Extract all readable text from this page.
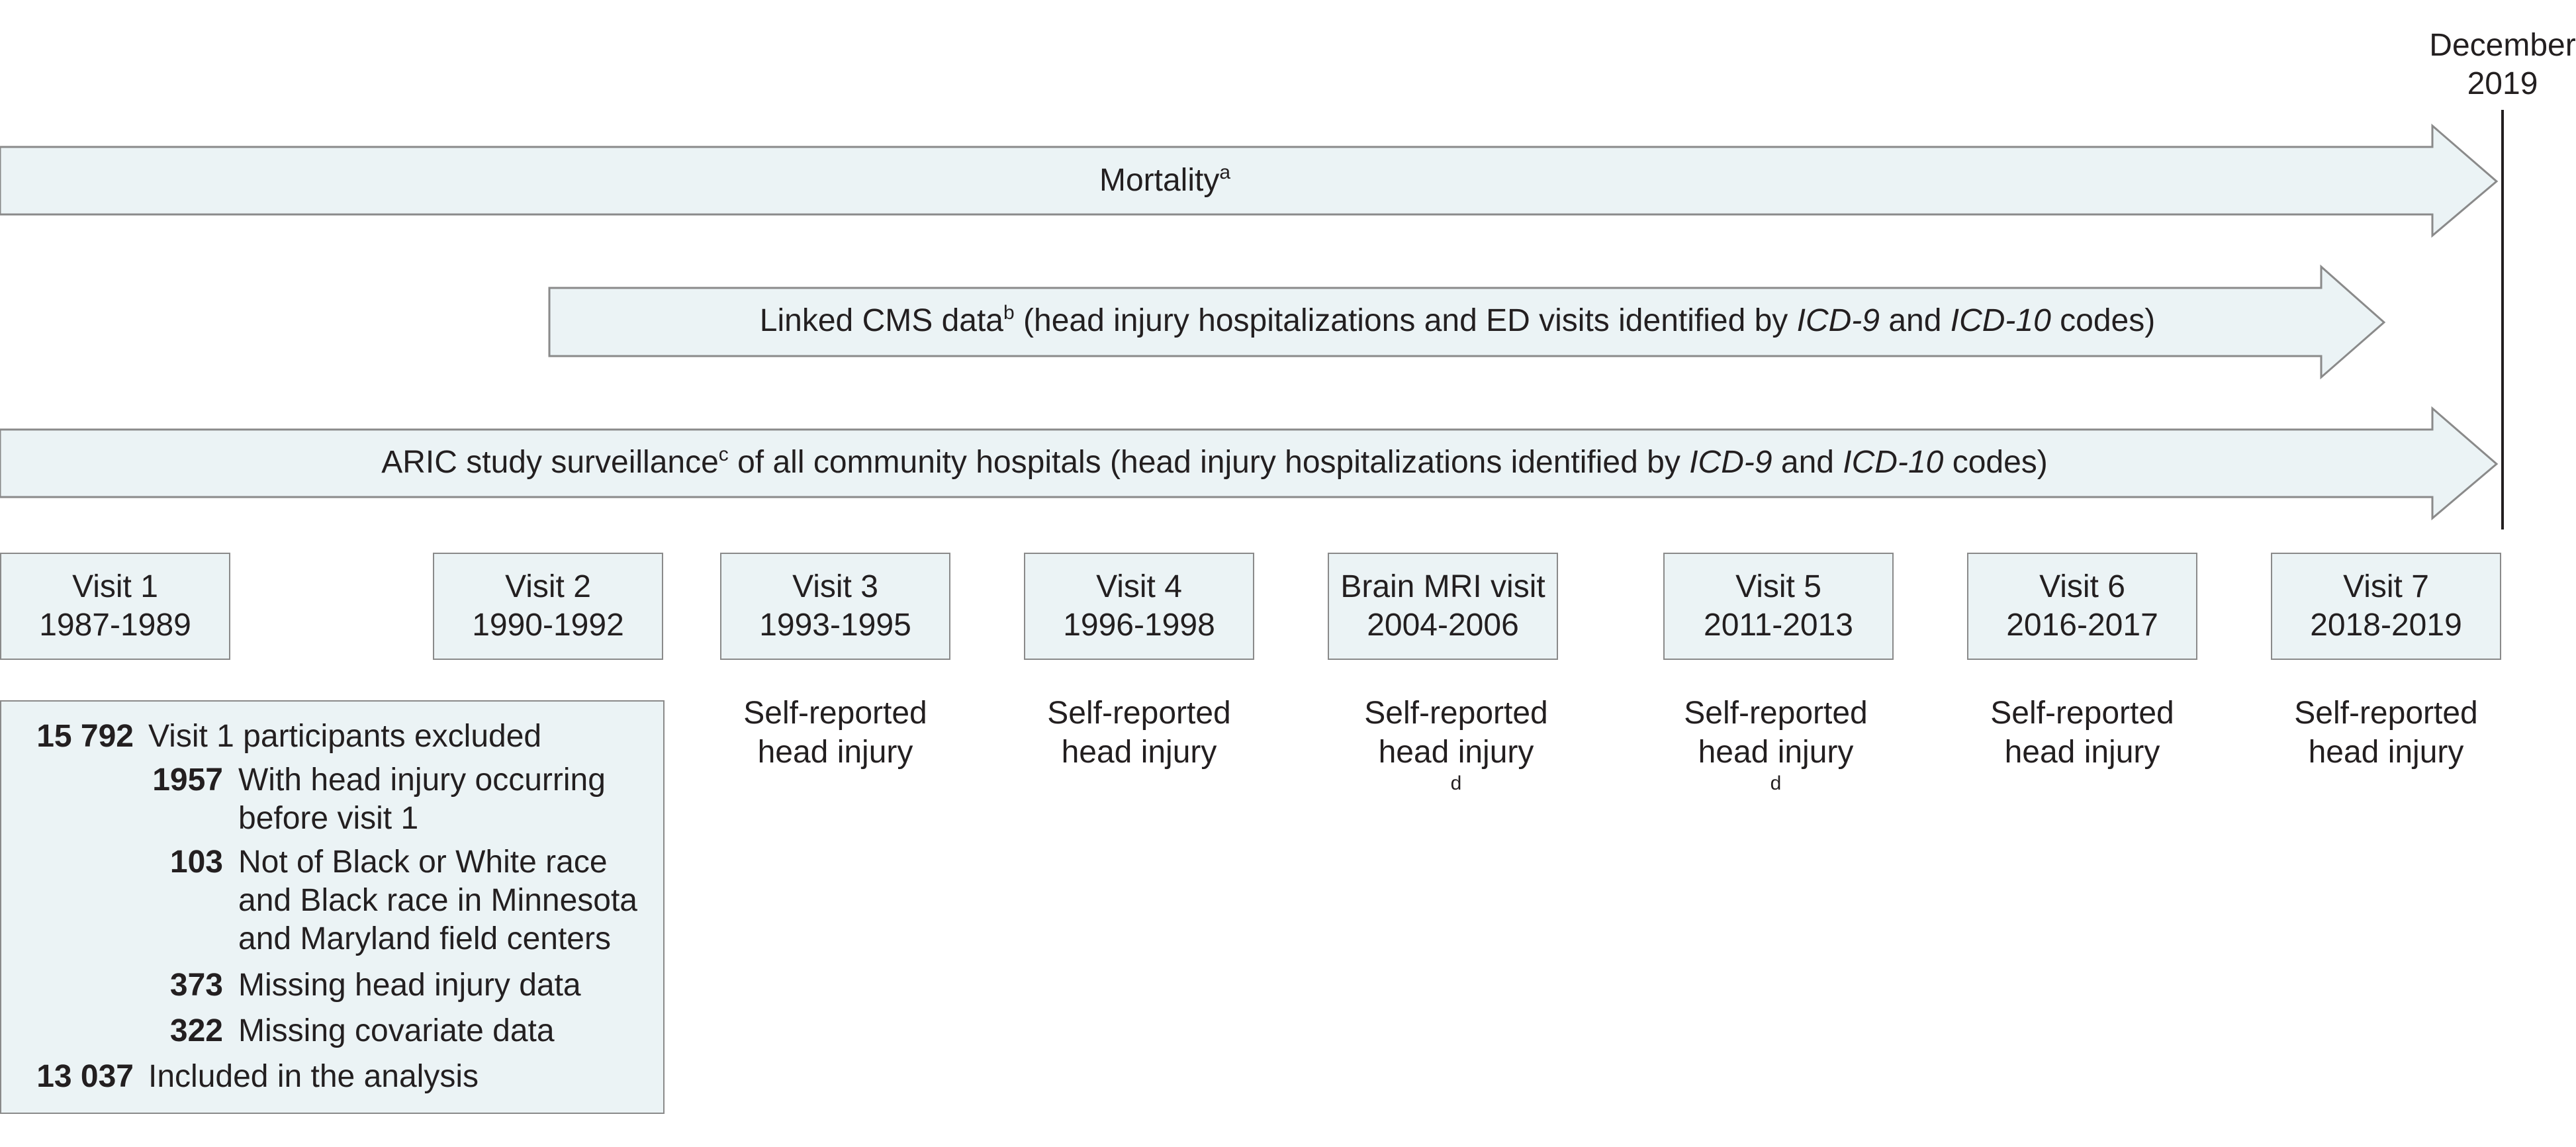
December
2019
Mortality$^a$
Linked CMS data$^b$ (head injury hospitalizations and ED visits identified by ICD-9 and ICD-10 codes)
ARIC study surveillance$^c$ of all community hospitals (head injury hospitalizations identified by ICD-9 and ICD-10 codes)
Visit 1
1987-1989
Visit 2
1990-1992
Visit 3
1993-1995
Visit 4
1996-1998
Brain MRI visit
2004-2006
Visit 5
2011-2013
Visit 6
2016-2017
Visit 7
2018-2019
Self-reported
head injury
Self-reported
head injury
Self-reported
head injury
$^d$
Self-reported
head injury
$^d$
Self-reported
head injury
Self-reported
head injury
15 792 Visit 1 participants excluded
1957 With head injury occurring
before visit 1
103 Not of Black or White race
and Black race in Minnesota
and Maryland field centers
373 Missing head injury data
322 Missing covariate data
13 037 Included in the analysis
